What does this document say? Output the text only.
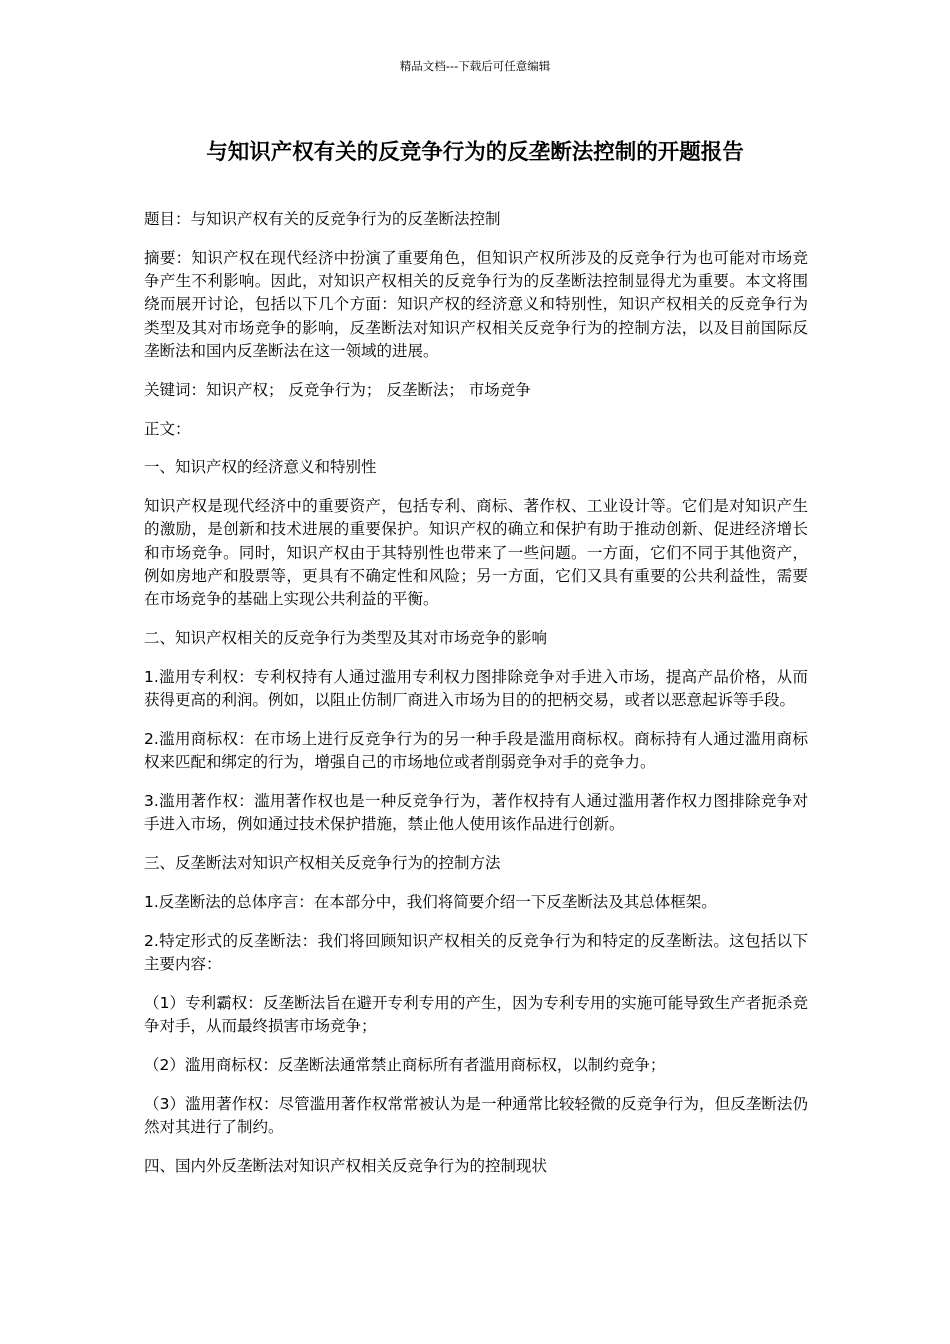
精品文档---下载后可任意编辑
与知识产权有关的反竞争行为的反垄断法控制的开题报告

题目：与知识产权有关的反竞争行为的反垄断法控制

摘要：知识产权在现代经济中扮演了重要角色，但知识产权所涉及的反竞争行为也可能对市场竞争产生不利影响。因此，对知识产权相关的反竞争行为的反垄断法控制显得尤为重要。本文将围绕而展开讨论，包括以下几个方面：知识产权的经济意义和特别性，知识产权相关的反竞争行为类型及其对市场竞争的影响，反垄断法对知识产权相关反竞争行为的控制方法，以及目前国际反垄断法和国内反垄断法在这一领域的进展。

关键词：知识产权； 反竞争行为； 反垄断法； 市场竞争

正文：

一、知识产权的经济意义和特别性

知识产权是现代经济中的重要资产，包括专利、商标、著作权、工业设计等。它们是对知识产生的激励，是创新和技术进展的重要保护。知识产权的确立和保护有助于推动创新、促进经济增长和市场竞争。同时，知识产权由于其特别性也带来了一些问题。一方面，它们不同于其他资产，例如房地产和股票等，更具有不确定性和风险；另一方面，它们又具有重要的公共利益性，需要在市场竞争的基础上实现公共利益的平衡。

二、知识产权相关的反竞争行为类型及其对市场竞争的影响

1.滥用专利权：专利权持有人通过滥用专利权力图排除竞争对手进入市场，提高产品价格，从而获得更高的利润。例如，以阻止仿制厂商进入市场为目的的把柄交易，或者以恶意起诉等手段。

2.滥用商标权：在市场上进行反竞争行为的另一种手段是滥用商标权。商标持有人通过滥用商标权来匹配和绑定的行为，增强自己的市场地位或者削弱竞争对手的竞争力。

3.滥用著作权：滥用著作权也是一种反竞争行为，著作权持有人通过滥用著作权力图排除竞争对手进入市场，例如通过技术保护措施，禁止他人使用该作品进行创新。

三、反垄断法对知识产权相关反竞争行为的控制方法

1.反垄断法的总体序言：在本部分中，我们将简要介绍一下反垄断法及其总体框架。

2.特定形式的反垄断法：我们将回顾知识产权相关的反竞争行为和特定的反垄断法。这包括以下主要内容：

（1）专利霸权：反垄断法旨在避开专利专用的产生，因为专利专用的实施可能导致生产者扼杀竞争对手，从而最终损害市场竞争；

（2）滥用商标权：反垄断法通常禁止商标所有者滥用商标权，以制约竞争；

（3）滥用著作权：尽管滥用著作权常常被认为是一种通常比较轻微的反竞争行为，但反垄断法仍然对其进行了制约。

四、国内外反垄断法对知识产权相关反竞争行为的控制现状
